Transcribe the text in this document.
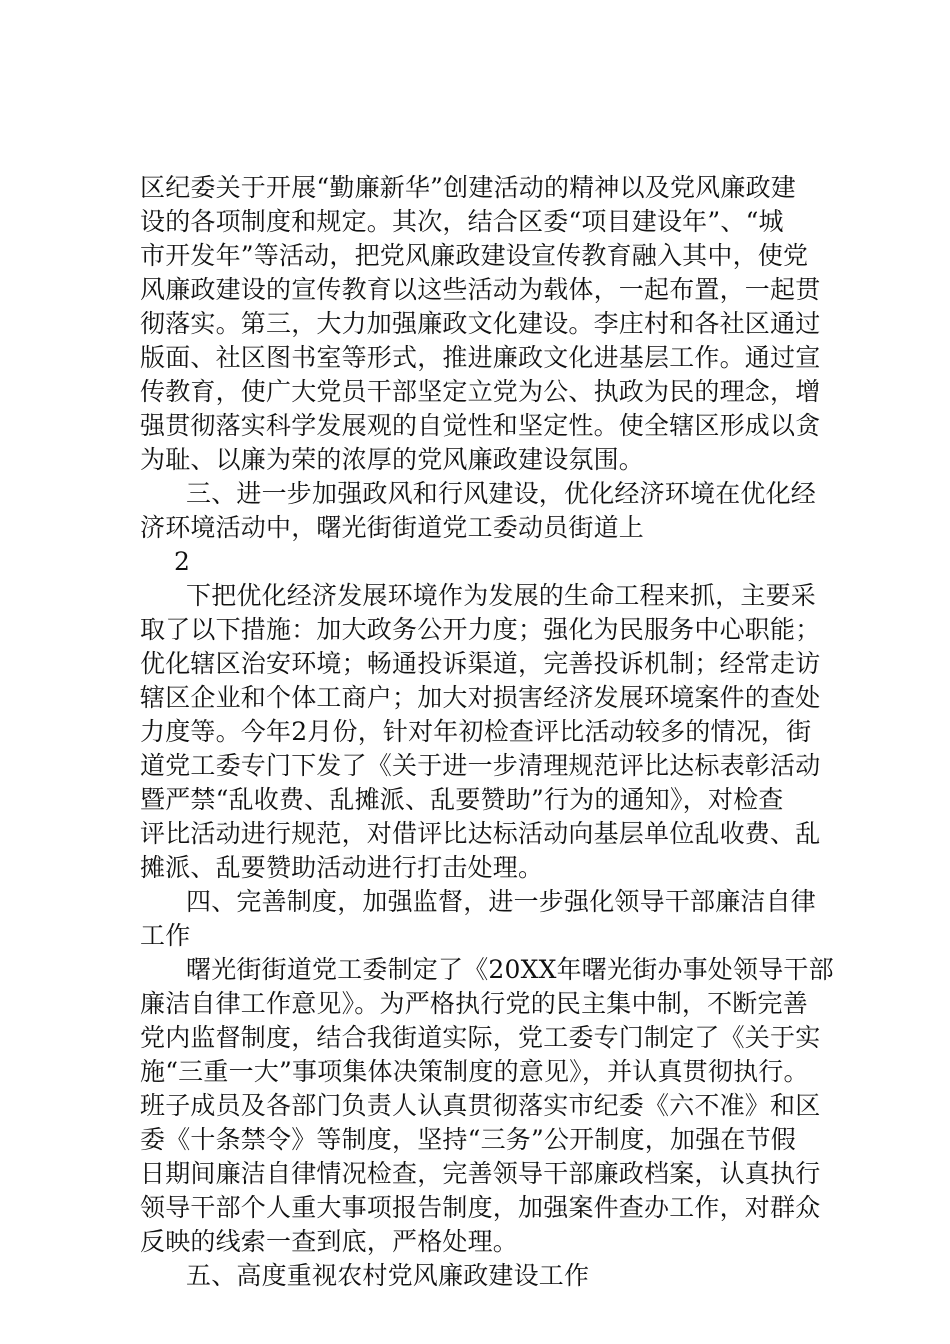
区纪委关于开展“勤廉新华”创建活动的精神以及党风廉政建
设的各项制度和规定。其次，结合区委“项目建设年”、“城
市开发年”等活动，把党风廉政建设宣传教育融入其中，使党
风廉政建设的宣传教育以这些活动为载体，一起布置，一起贯
彻落实。第三，大力加强廉政文化建设。李庄村和各社区通过
版面、社区图书室等形式，推进廉政文化进基层工作。通过宣
传教育，使广大党员干部坚定立党为公、执政为民的理念，增
强贯彻落实科学发展观的自觉性和坚定性。使全辖区形成以贪
为耻、以廉为荣的浓厚的党风廉政建设氛围。
三、进一步加强政风和行风建设，优化经济环境在优化经
济环境活动中，曙光街街道党工委动员街道上
2
下把优化经济发展环境作为发展的生命工程来抓，主要采
取了以下措施：加大政务公开力度；强化为民服务中心职能；
优化辖区治安环境；畅通投诉渠道，完善投诉机制；经常走访
辖区企业和个体工商户；加大对损害经济发展环境案件的查处
力度等。今年2月份，针对年初检查评比活动较多的情况，街
道党工委专门下发了《关于进一步清理规范评比达标表彰活动
暨严禁“乱收费、乱摊派、乱要赞助”行为的通知》，对检查
评比活动进行规范，对借评比达标活动向基层单位乱收费、乱
摊派、乱要赞助活动进行打击处理。
四、完善制度，加强监督，进一步强化领导干部廉洁自律
工作
曙光街街道党工委制定了《20XX年曙光街办事处领导干部
廉洁自律工作意见》。为严格执行党的民主集中制，不断完善
党内监督制度，结合我街道实际，党工委专门制定了《关于实
施“三重一大”事项集体决策制度的意见》，并认真贯彻执行。
班子成员及各部门负责人认真贯彻落实市纪委《六不准》和区
委《十条禁令》等制度，坚持“三务”公开制度，加强在节假
日期间廉洁自律情况检查，完善领导干部廉政档案，认真执行
领导干部个人重大事项报告制度，加强案件查办工作，对群众
反映的线索一查到底，严格处理。
五、高度重视农村党风廉政建设工作
